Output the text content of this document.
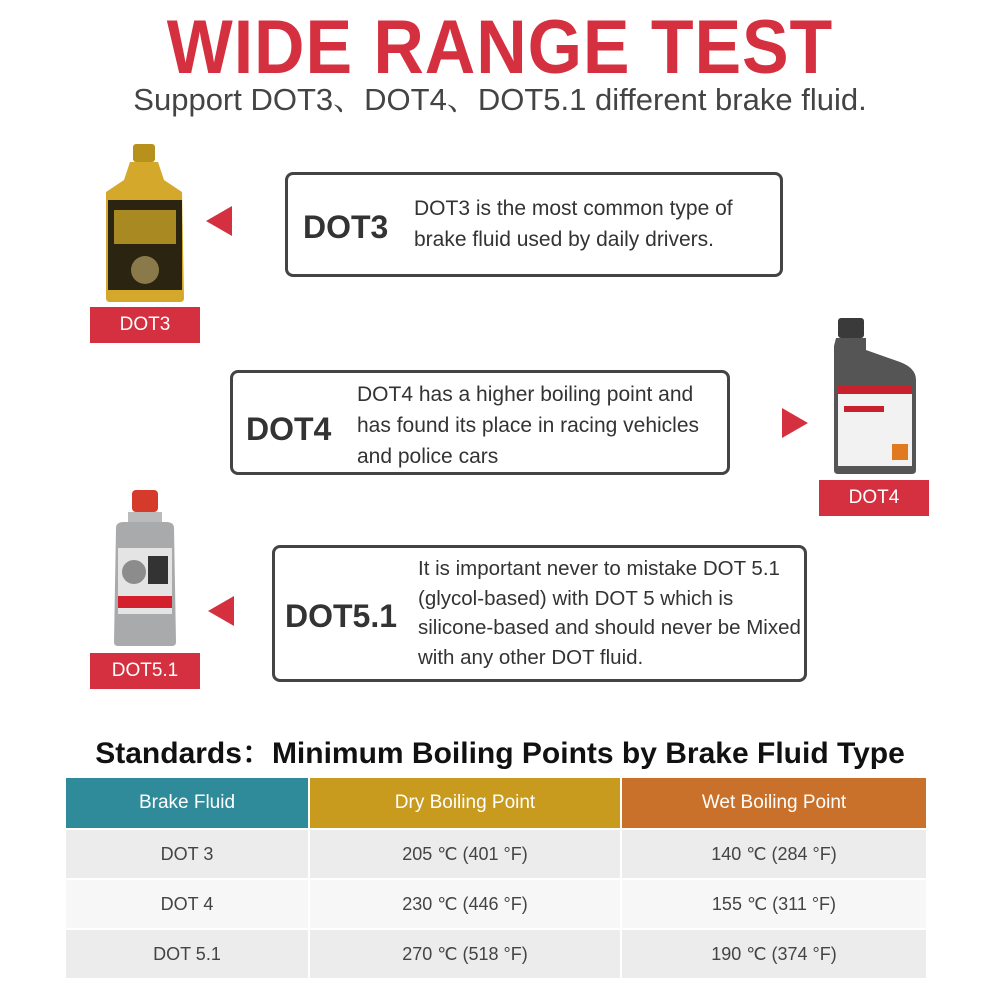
WIDE RANGE TEST
Support DOT3、DOT4、DOT5.1 different brake fluid.
DOT3
DOT3
DOT3 is the most common type of brake fluid used by daily drivers.
DOT4
DOT4 has a higher boiling point and has found its place in racing vehicles and police cars
DOT4
DOT5.1
DOT5.1
It is important never to mistake DOT 5.1 (glycol-based) with DOT 5 which is silicone-based and should never be Mixed with any other DOT fluid.
Standards：Minimum Boiling Points by Brake Fluid Type
Brake Fluid	Dry Boiling Point	Wet Boiling Point
DOT 3	205 ℃ (401 °F)	140 ℃ (284 °F)
DOT 4	230 ℃ (446 °F)	155 ℃ (311 °F)
DOT 5.1	270 ℃ (518 °F)	190 ℃ (374 °F)
